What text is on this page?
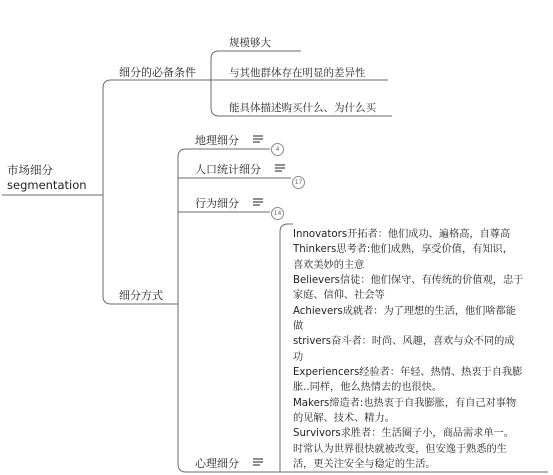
市场细分
segmentation
细分的必备条件
规模够大
与其他群体存在明显的差异性
能具体描述购买什么、为什么买
细分方式
地理细分
4
人口统计细分
17
行为细分
14
心理细分
Innovators开拓者：他们成功、遍格高，自尊高
Thinkers思考者:他们成熟，享受价值，有知识，
喜欢美妙的主意
Believers信徒：他们保守、有传统的价值观，忠于
家庭、信仰、社会等
Achievers成就者：为了理想的生活，他们啥都能
做
strivers奋斗者：时尚、风趣，喜欢与众不同的成
功
Experiencers经验者：年轻、热情、热衷于自我膨
胀..同样，他么热情去的也很快。
Makers缔造者:也热衷于自我膨胀，有自己对事物
的见解、技术、精力。
Survivors求胜者：生活圈子小，商品需求单一。
时常认为世界很快就被改变，但安逸于熟悉的生
活，更关注安全与稳定的生活。
